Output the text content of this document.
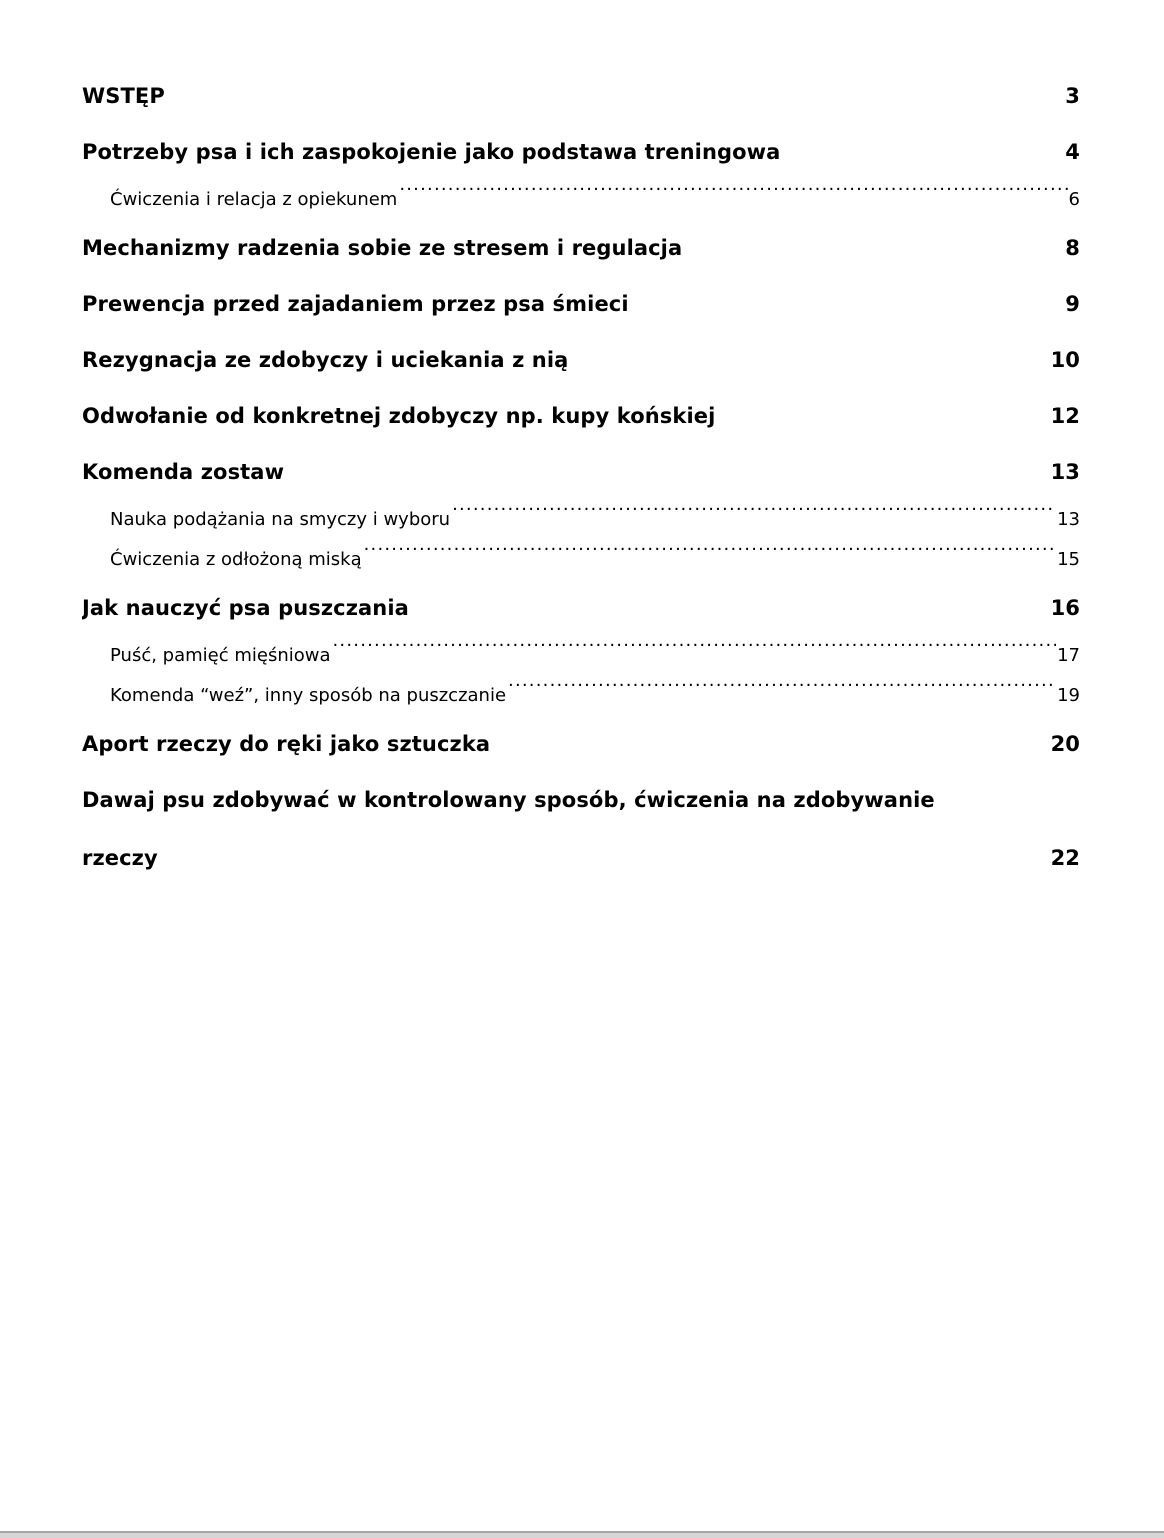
WSTĘP .....	3
Potrzeby psa i ich zaspokojenie jako podstawa treningowa .....	4
Ćwiczenia i relacja z opiekunem .....	6
Mechanizmy radzenia sobie ze stresem i regulacja .....	8
Prewencja przed zajadaniem przez psa śmieci .....	9
Rezygnacja ze zdobyczy i uciekania z nią .....	10
Odwołanie od konkretnej zdobyczy np. kupy końskiej .....	12
Komenda zostaw .....	13
Nauka podążania na smyczy i wyboru .....	13
Ćwiczenia z odłożoną miską .....	15
Jak nauczyć psa puszczania .....	16
Puść, pamięć mięśniowa .....	17
Komenda “weź”, inny sposób na puszczanie .....	19
Aport rzeczy do ręki jako sztuczka .....	20
Dawaj psu zdobywać w kontrolowany sposób, ćwiczenia na zdobywanie
rzeczy .....	22
